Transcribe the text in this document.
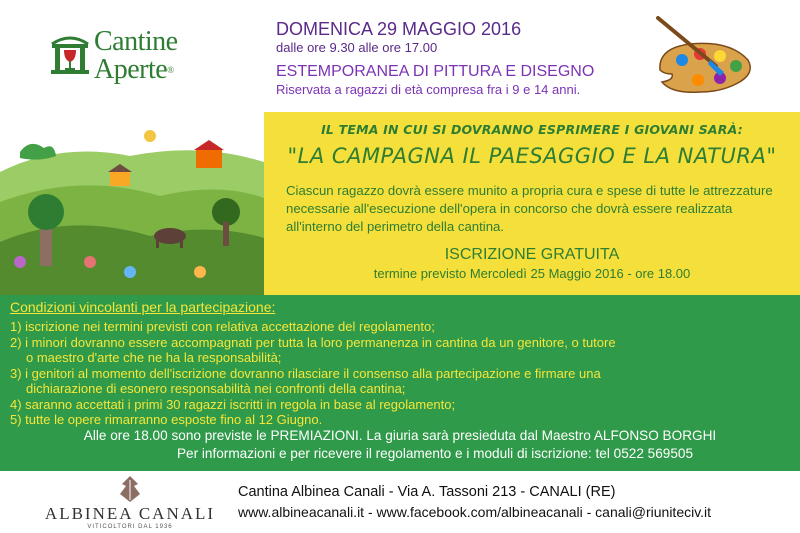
Cantine
Aperte®
DOMENICA 29 MAGGIO 2016
dalle ore 9.30 alle ore 17.00
ESTEMPORANEA DI PITTURA E DISEGNO
Riservata a ragazzi di età compresa fra i 9 e 14 anni.
IL TEMA IN CUI SI DOVRANNO ESPRIMERE I GIOVANI SARÀ:
"LA CAMPAGNA IL PAESAGGIO E LA NATURA"
Ciascun ragazzo dovrà essere munito a propria cura e spese di tutte le attrezzature necessarie all'esecuzione dell'opera in concorso che dovrà essere realizzata all'interno del perimetro della cantina.
ISCRIZIONE GRATUITA
termine previsto Mercoledì 25 Maggio 2016 - ore 18.00
Condizioni vincolanti per la partecipazione:
1) iscrizione nei termini previsti con relativa accettazione del regolamento;
2) i minori dovranno essere accompagnati per tutta la loro permanenza in cantina da un genitore, o tutore
o maestro d'arte che ne ha la responsabilità;
3) i genitori al momento dell'iscrizione dovranno rilasciare il consenso alla partecipazione e firmare una
dichiarazione di esonero responsabilità nei confronti della cantina;
4) saranno accettati i primi 30 ragazzi iscritti in regola in base al regolamento;
5) tutte le opere rimarranno esposte fino al 12 Giugno.
Alle ore 18.00 sono previste le PREMIAZIONI. La giuria sarà presieduta dal Maestro ALFONSO BORGHI
Per informazioni e per ricevere il regolamento e i moduli di iscrizione: tel 0522 569505
ALBINEA CANALI
VITICOLTORI DAL 1936
Cantina Albinea Canali - Via A. Tassoni 213 - CANALI (RE)
www.albineacanali.it - www.facebook.com/albineacanali - canali@riuniteciv.it
